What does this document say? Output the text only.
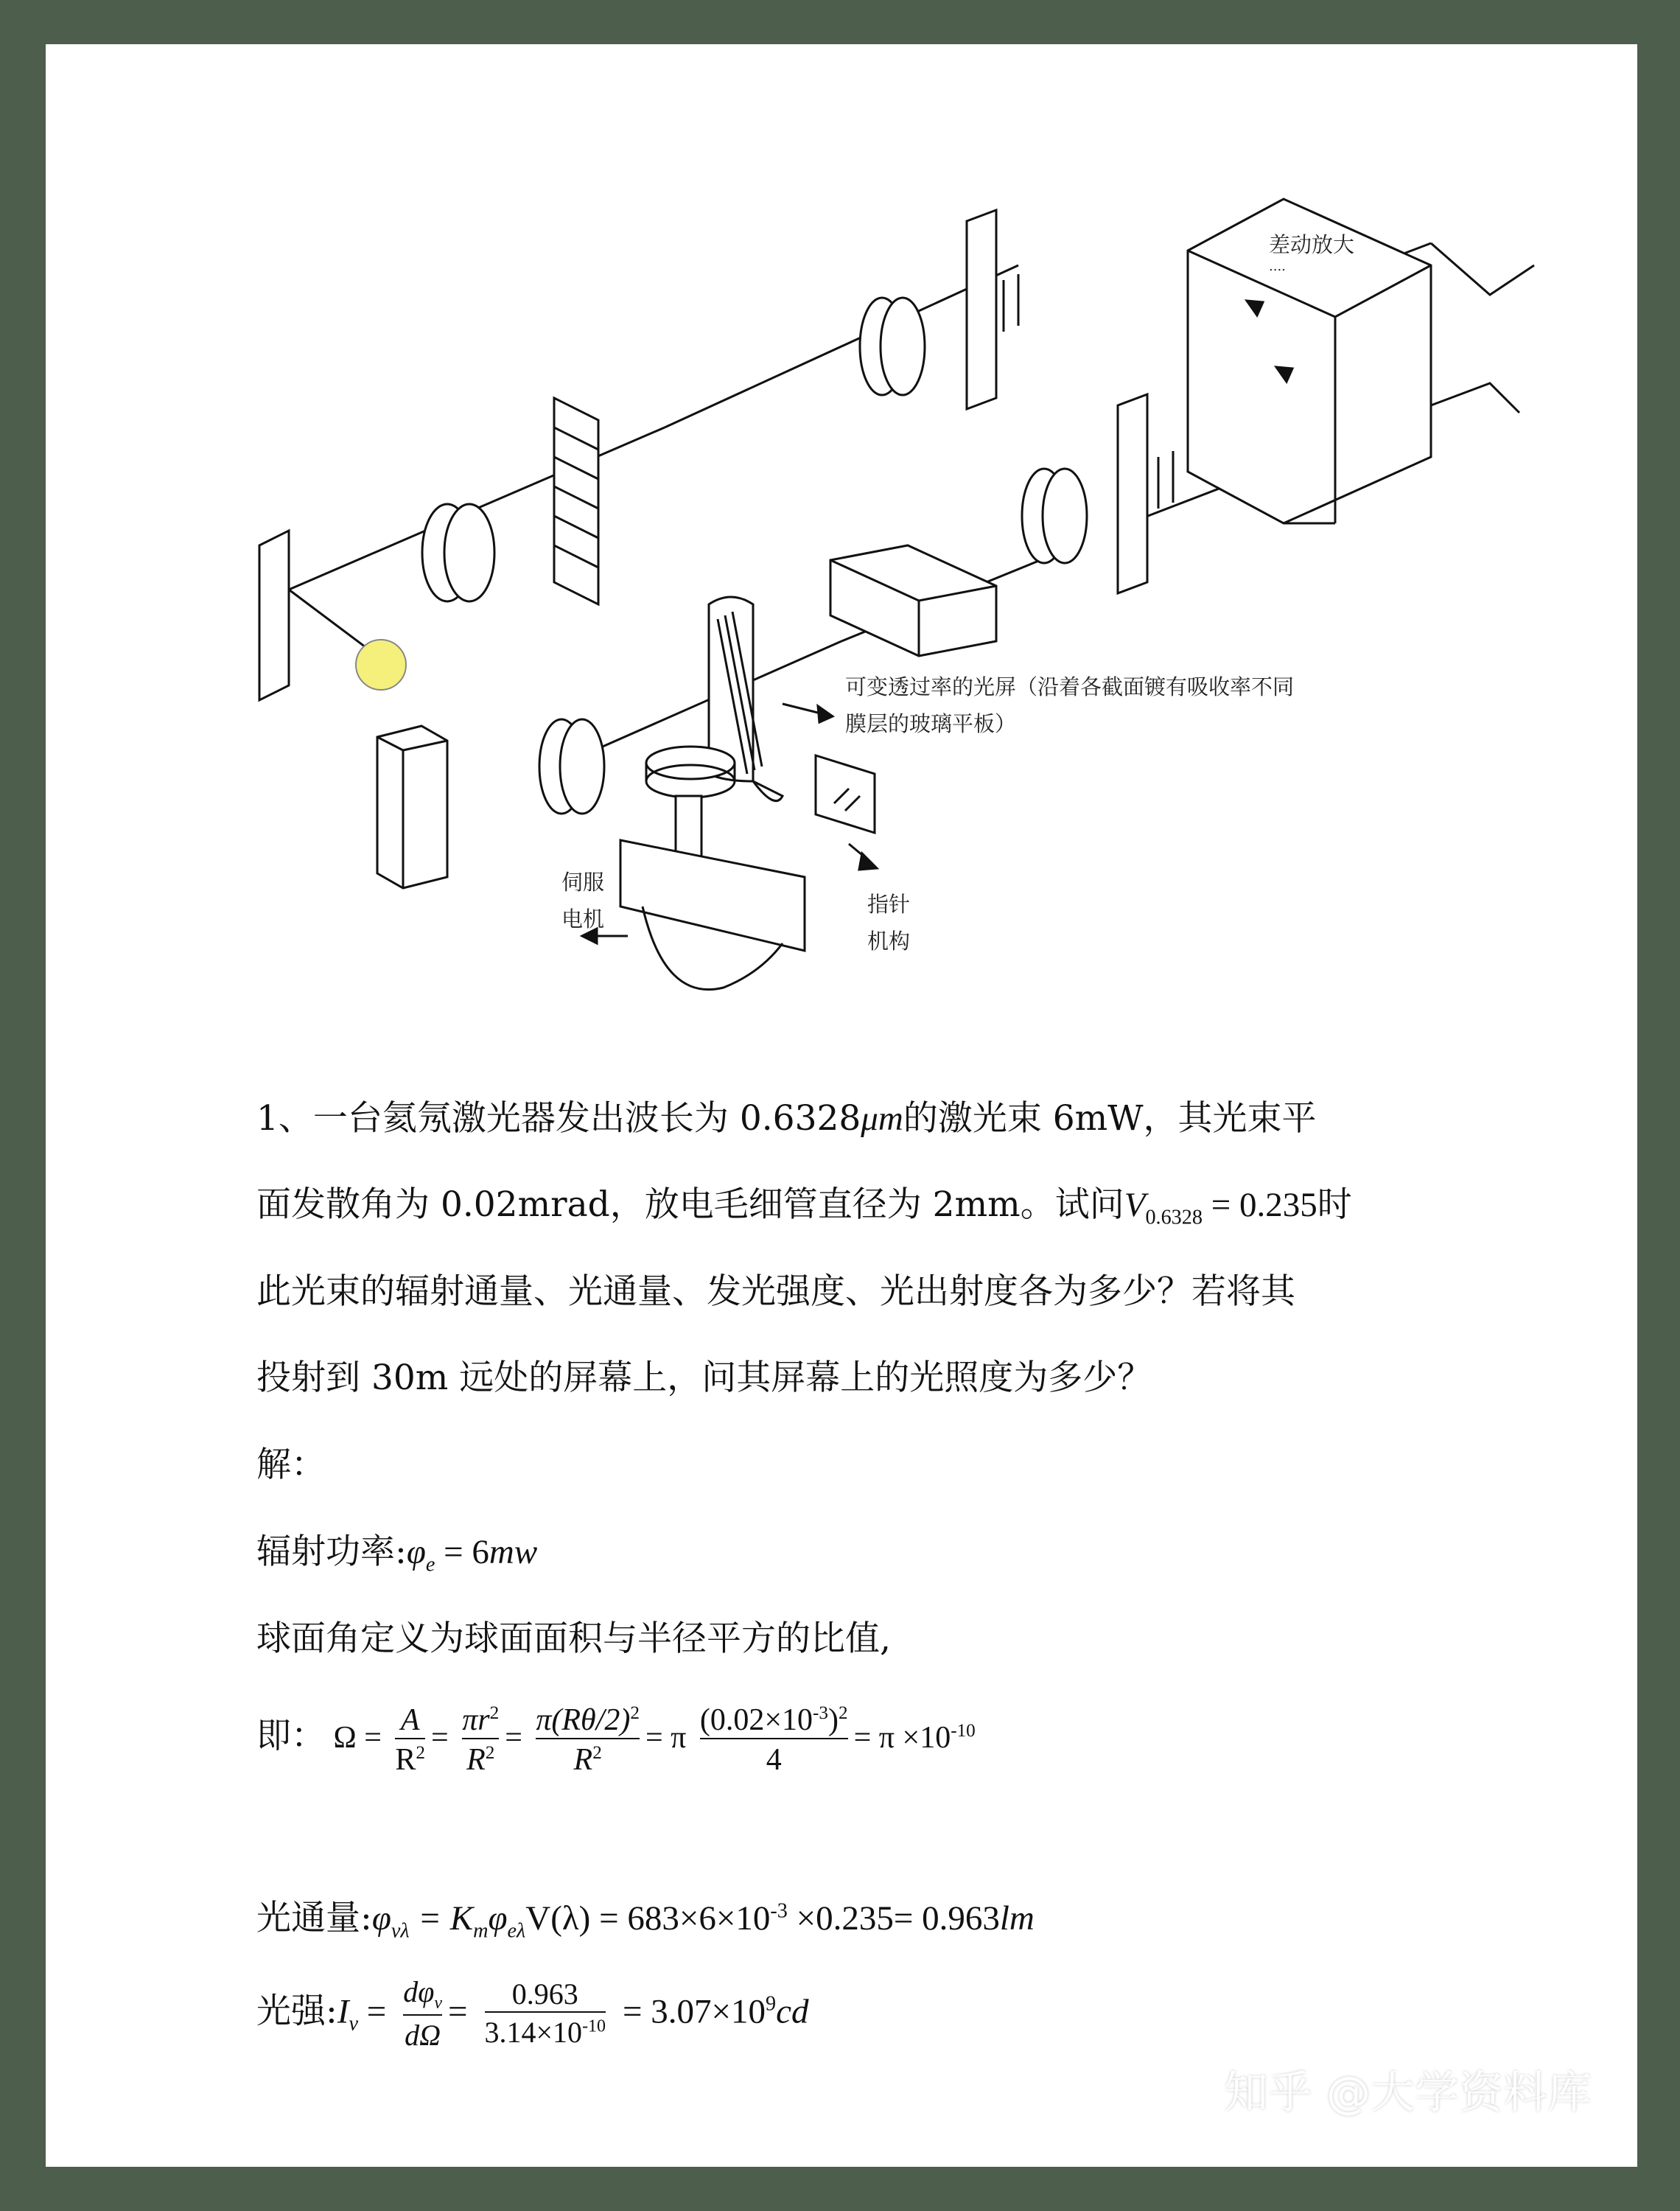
差动放大
....
可变透过率的光屏（沿着各截面镀有吸收率不同
膜层的玻璃平板）
伺服
电机
指针
机构
1、一台氦氖激光器发出波长为 0.6328μm的激光束 6mW，其光束平
面发散角为 0.02mrad，放电毛细管直径为 2mm。试问$V_{0.6328} = 0.235$时
此光束的辐射通量、光通量、发光强度、光出射度各为多少？若将其
投射到 30m 远处的屏幕上，问其屏幕上的光照度为多少？
解：
辐射功率$:\varphi_e = 6mw$
球面角定义为球面面积与半径平方的比值,
即： $\Omega = \frac{A}{R^2} = \frac{\pi r^2}{R^2} = \frac{\pi(R\theta/2)^2}{R^2} = \pi \frac{(0.02\times 10^{-3})^2}{4} = \pi \times 10^{-10}$
光通量$:\varphi_{v\lambda} = K_m\varphi_{e\lambda}V(\lambda) = 683\times 6\times 10^{-3} \times 0.235= 0.963lm$
光强$:I_v = \frac{d\varphi_v}{d\Omega} = \frac{0.963}{3.14\times 10^{-10}} = 3.07\times 10^9cd$
知乎 @大学资料库
